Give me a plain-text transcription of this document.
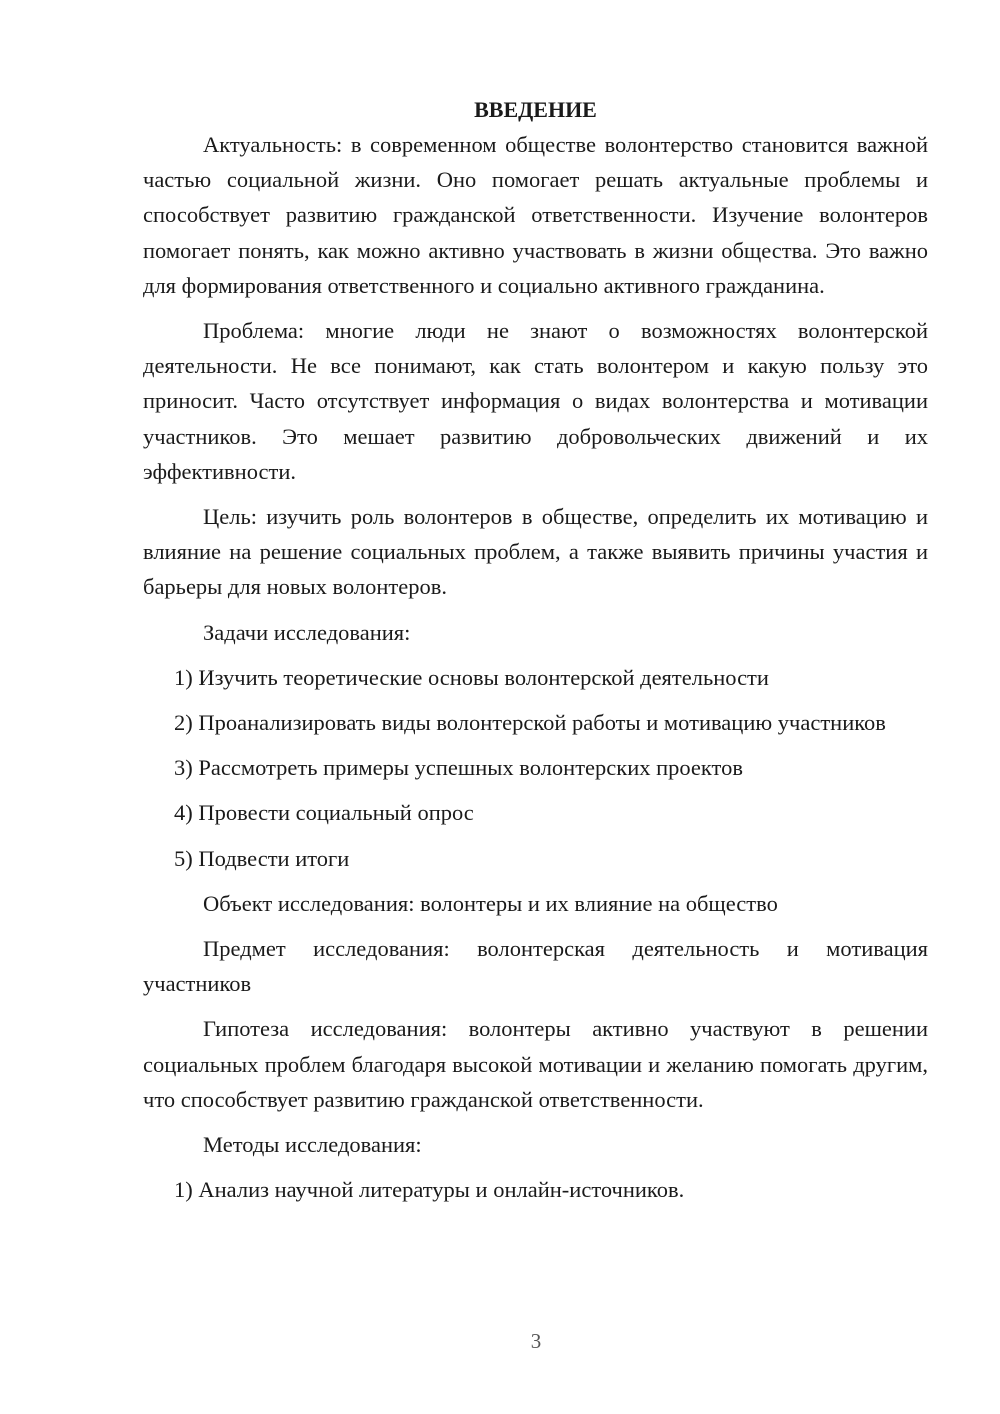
ВВЕДЕНИЕ

Актуальность: в современном обществе волонтерство становится важной частью социальной жизни. Оно помогает решать актуальные проблемы и способствует развитию гражданской ответственности. Изучение волонтеров помогает понять, как можно активно участвовать в жизни общества. Это важно для формирования ответственного и социально активного гражданина.

Проблема: многие люди не знают о возможностях волонтерской деятельности. Не все понимают, как стать волонтером и какую пользу это приносит. Часто отсутствует информация о видах волонтерства и мотивации участников. Это мешает развитию добровольческих движений и их эффективности.

Цель: изучить роль волонтеров в обществе, определить их мотивацию и влияние на решение социальных проблем, а также выявить причины участия и барьеры для новых волонтеров.

Задачи исследования:

1) Изучить теоретические основы волонтерской деятельности

2) Проанализировать виды волонтерской работы и мотивацию участников

3) Рассмотреть примеры успешных волонтерских проектов

4) Провести социальный опрос

5) Подвести итоги

Объект исследования: волонтеры и их влияние на общество

Предмет исследования: волонтерская деятельность и мотивация участников

Гипотеза исследования: волонтеры активно участвуют в решении социальных проблем благодаря высокой мотивации и желанию помогать другим, что способствует развитию гражданской ответственности.

Методы исследования:

1) Анализ научной литературы и онлайн-источников.

3
